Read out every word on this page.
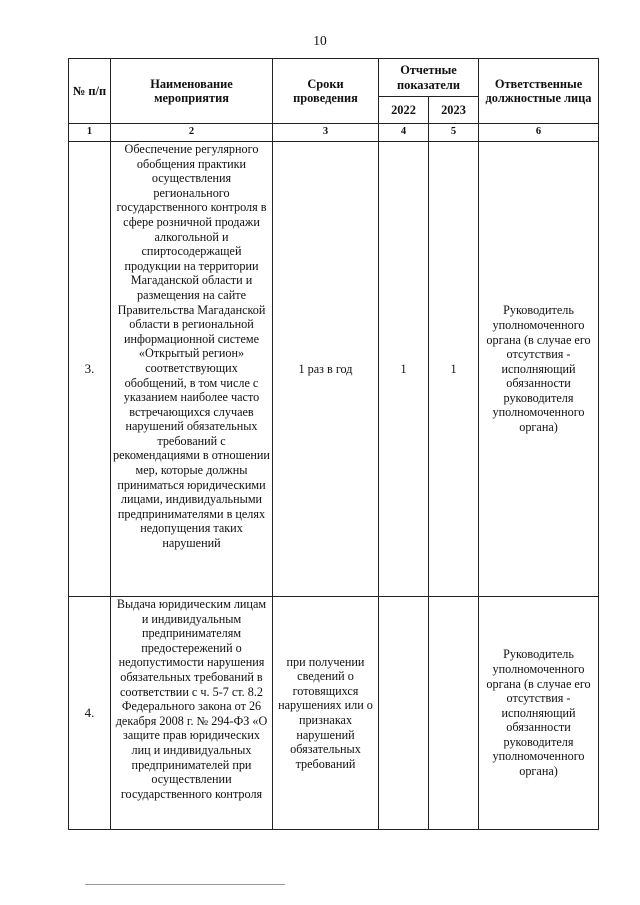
10
№ п/п	Наименование мероприятия	Сроки проведения	Отчетные показатели		Ответственные должностные лица
			2022	2023	
1	2	3	4	5	6
3.	Обеспечение регулярного обобщения практики осуществления регионального государственного контроля в сфере розничной продажи алкогольной и спиртосодержащей продукции на территории Магаданской области и размещения на сайте Правительства Магаданской области в региональной информационной системе «Открытый регион» соответствующих обобщений, в том числе с указанием наиболее часто встречающихся случаев нарушений обязательных требований с рекомендациями в отношении мер, которые должны приниматься юридическими лицами, индивидуальными предпринимателями в целях недопущения таких нарушений	1 раз в год	1	1	Руководитель уполномоченного органа (в случае его отсутствия - исполняющий обязанности руководителя уполномоченного органа)
4.	Выдача юридическим лицам и индивидуальным предпринимателям предостережений о недопустимости нарушения обязательных требований в соответствии с ч. 5-7 ст. 8.2 Федерального закона от 26 декабря 2008 г. № 294-ФЗ «О защите прав юридических лиц и индивидуальных предпринимателей при осуществлении государственного контроля	при получении сведений о готовящихся нарушениях или о признаках нарушений обязательных требований			Руководитель уполномоченного органа (в случае его отсутствия - исполняющий обязанности руководителя уполномоченного органа)
